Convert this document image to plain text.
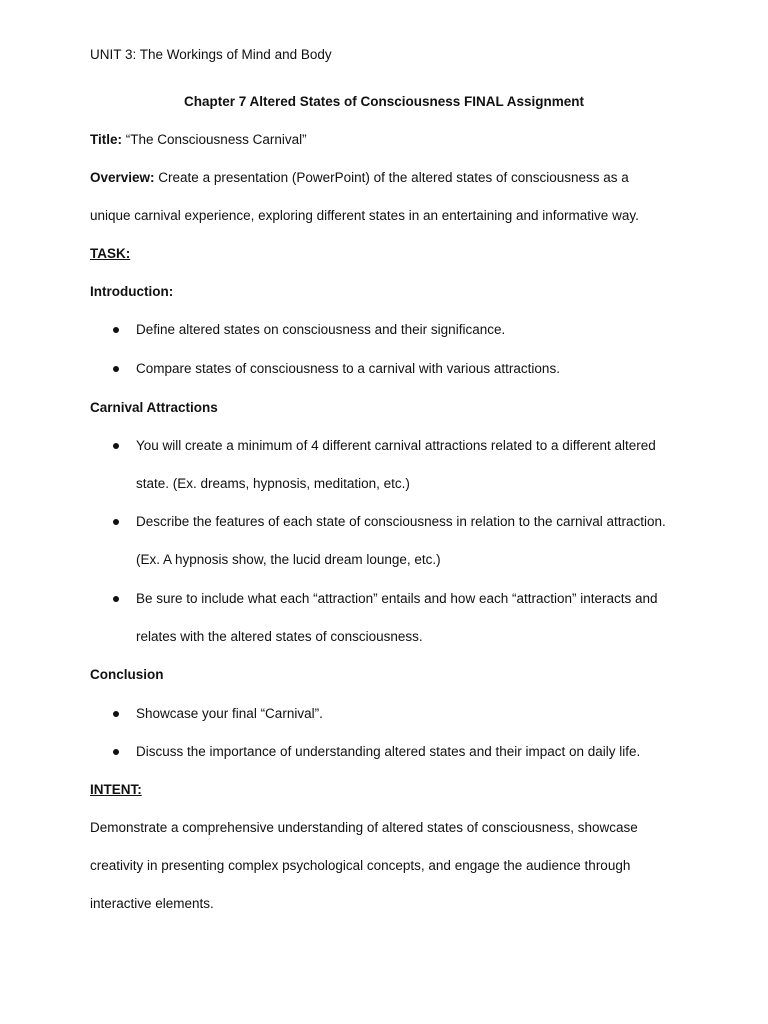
UNIT 3: The Workings of Mind and Body
Chapter 7 Altered States of Consciousness FINAL Assignment
Title: “The Consciousness Carnival”
Overview: Create a presentation (PowerPoint) of the altered states of consciousness as a
unique carnival experience, exploring different states in an entertaining and informative way.
TASK:
Introduction:
Define altered states on consciousness and their significance.
Compare states of consciousness to a carnival with various attractions.
Carnival Attractions
You will create a minimum of 4 different carnival attractions related to a different altered
state. (Ex. dreams, hypnosis, meditation, etc.)
Describe the features of each state of consciousness in relation to the carnival attraction.
(Ex. A hypnosis show, the lucid dream lounge, etc.)
Be sure to include what each “attraction” entails and how each “attraction” interacts and
relates with the altered states of consciousness.
Conclusion
Showcase your final “Carnival”.
Discuss the importance of understanding altered states and their impact on daily life.
INTENT:
Demonstrate a comprehensive understanding of altered states of consciousness, showcase
creativity in presenting complex psychological concepts, and engage the audience through
interactive elements.
